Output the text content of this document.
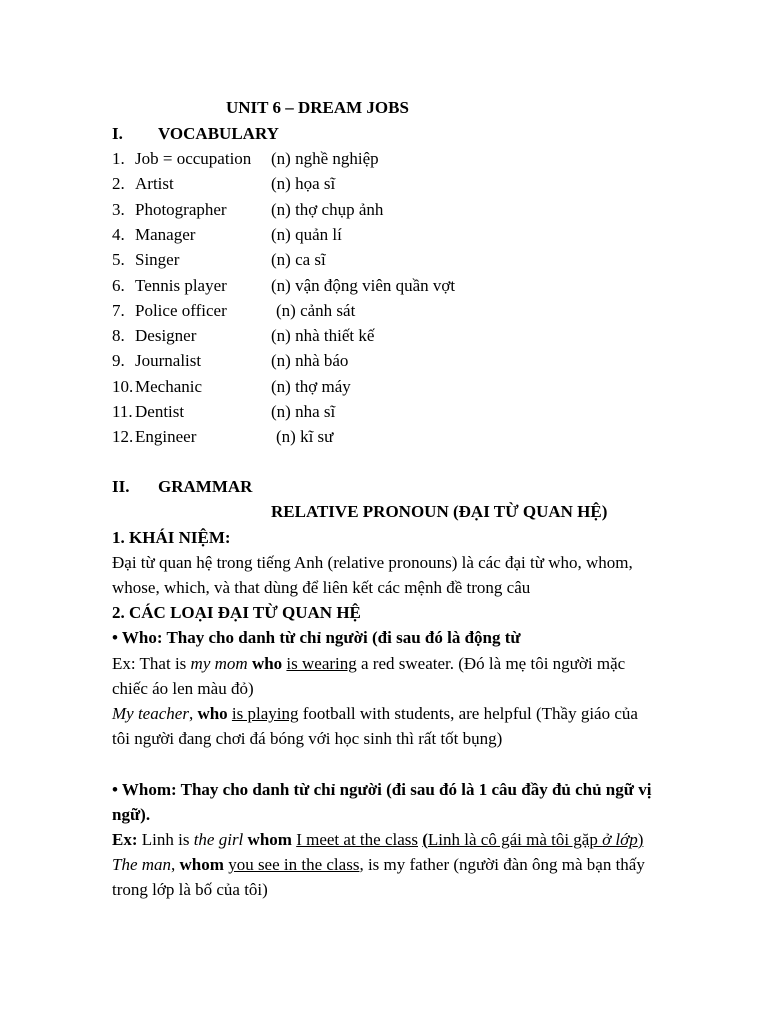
UNIT 6 – DREAM JOBS
I. VOCABULARY
1. Job = occupation (n) nghề nghiệp
2. Artist	(n) họa sĩ
3. Photographer	(n) thợ chụp ảnh
4. Manager	(n) quản lí
5. Singer	(n) ca sĩ
6. Tennis player	(n) vận động viên quần vợt
7. Police officer	(n) cảnh sát
8. Designer	(n) nhà thiết kế
9. Journalist	(n) nhà báo
10. Mechanic	(n) thợ máy
11. Dentist	(n) nha sĩ
12. Engineer	(n) kĩ sư
II. GRAMMAR
RELATIVE PRONOUN (ĐẠI TỪ QUAN HỆ)
1. KHÁI NIỆM:
Đại từ quan hệ trong tiếng Anh (relative pronouns) là các đại từ who, whom,
whose, which, và that dùng để liên kết các mệnh đề trong câu
2. CÁC LOẠI ĐẠI TỪ QUAN HỆ
• Who: Thay cho danh từ chỉ người (đi sau đó là động từ
Ex: That is my mom who is wearing a red sweater. (Đó là mẹ tôi người mặc
chiếc áo len màu đỏ)
My teacher, who is playing football with students, are helpful (Thầy giáo của
tôi người đang chơi đá bóng với học sinh thì rất tốt bụng)
• Whom: Thay cho danh từ chỉ người (đi sau đó là 1 câu đầy đủ chủ ngữ vị
ngữ).
Ex: Linh is the girl whom I meet at the class (Linh là cô gái mà tôi gặp ở lớp)
The man, whom you see in the class, is my father (người đàn ông mà bạn thấy
trong lớp là bố của tôi)
